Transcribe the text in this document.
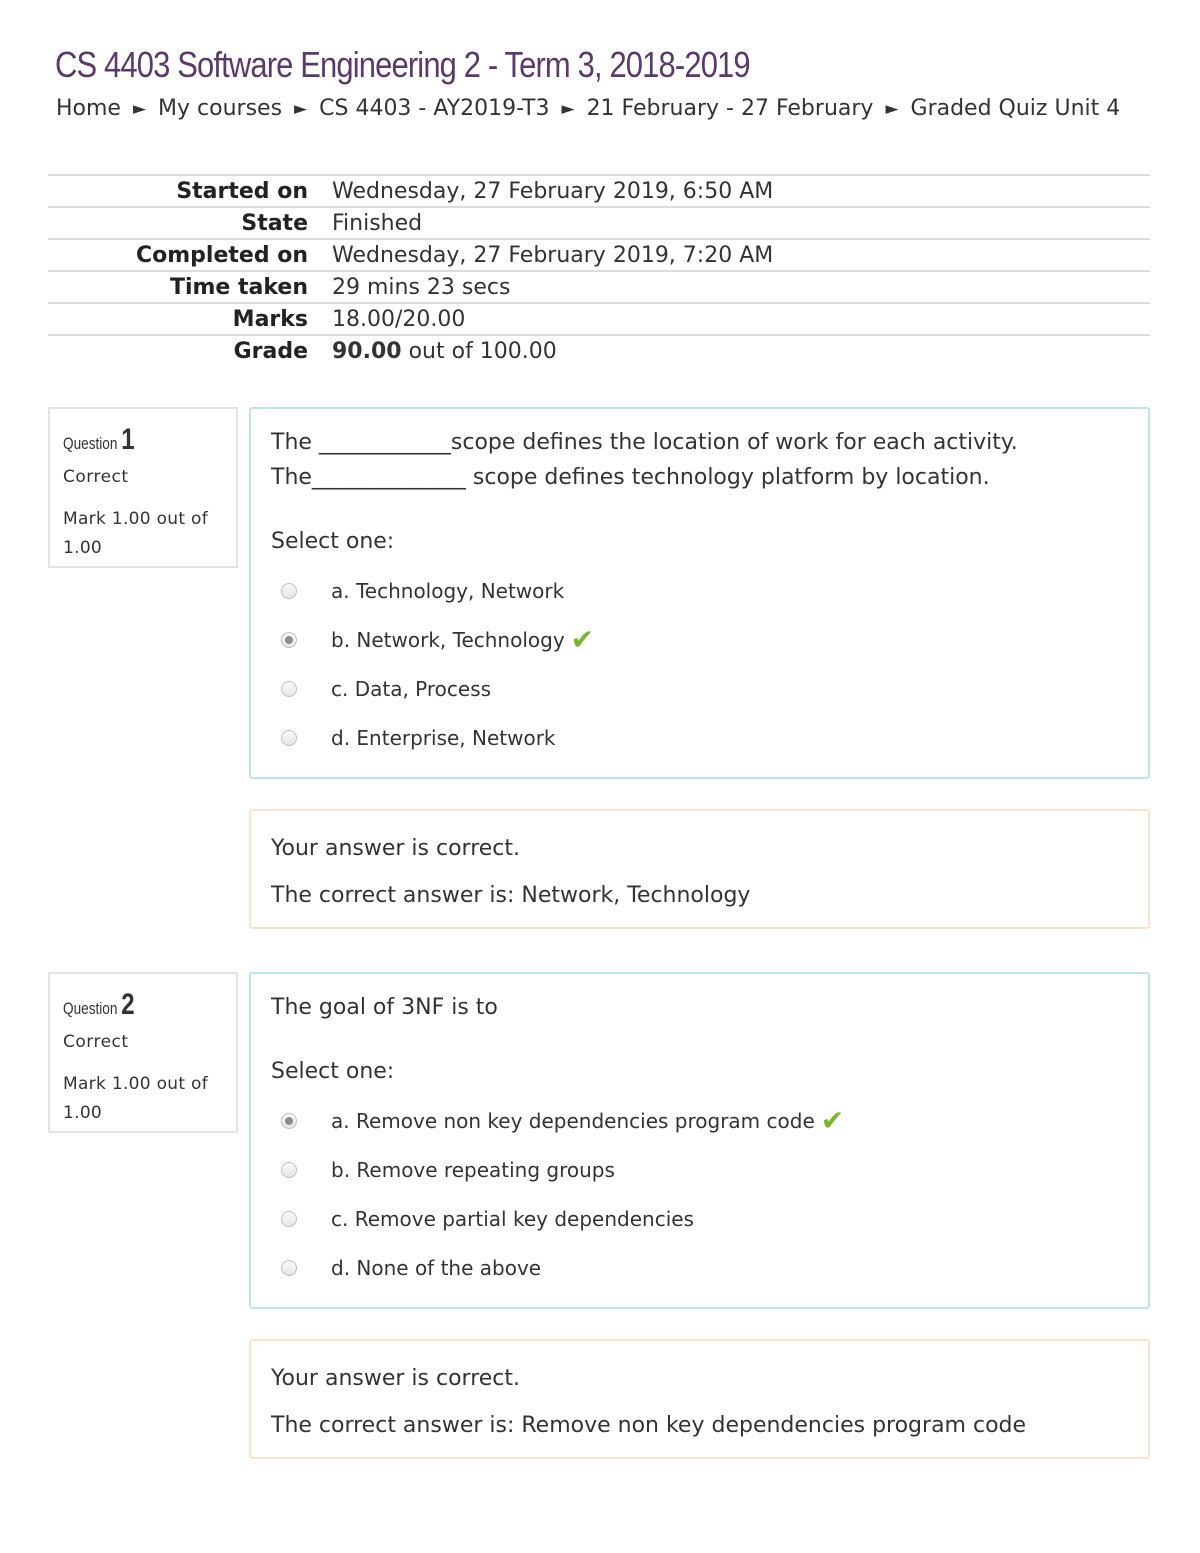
CS 4403 Software Engineering 2 - Term 3, 2018-2019
Home ► My courses ► CS 4403 - AY2019-T3 ► 21 February - 27 February ► Graded Quiz Unit 4
Started on	Wednesday, 27 February 2019, 6:50 AM
State	Finished
Completed on	Wednesday, 27 February 2019, 7:20 AM
Time taken	29 mins 23 secs
Marks	18.00/20.00
Grade	90.00 out of 100.00
Question 1
Correct
Mark 1.00 out of 1.00
The ____________scope defines the location of work for each activity.
The______________ scope defines technology platform by location.
Select one:
a. Technology, Network
b. Network, Technology ✔
c. Data, Process
d. Enterprise, Network

Your answer is correct.

The correct answer is: Network, Technology

Question 2
Correct
Mark 1.00 out of 1.00
The goal of 3NF is to
Select one:
a. Remove non key dependencies program code ✔
b. Remove repeating groups
c. Remove partial key dependencies
d. None of the above

Your answer is correct.

The correct answer is: Remove non key dependencies program code
